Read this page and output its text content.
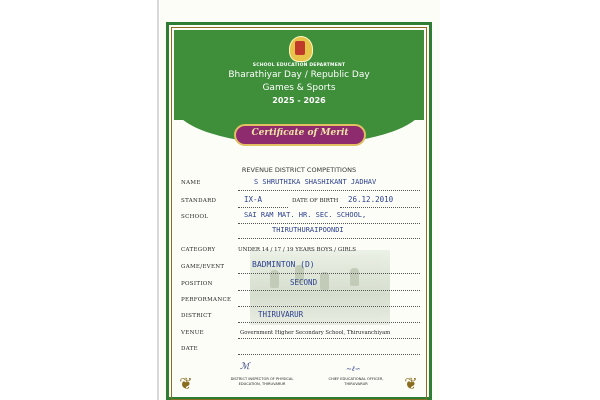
❦	❦
SCHOOL EDUCATION DEPARTMENT
Bharathiyar Day / Republic Day
Games & Sports
2025 - 2026
Certificate of Merit
REVENUE DISTRICT COMPETITIONS
NAME	S SHRUTHIKA SHASHIKANT JADHAV
STANDARD	IX-A	DATE OF BIRTH 26.12.2010
SCHOOL	SAI RAM MAT. HR. SEC. SCHOOL,
THIRUTHURAIPOONDI
CATEGORY	UNDER 14 / 17 / 19 YEARS BOYS / GIRLS
GAME/EVENT	BADMINTON (D)
POSITION	SECOND
PERFORMANCE
DISTRICT	THIRUVARUR
VENUE	Government Higher Secondary School, Thiruvanchiyam
DATE
ℳ	∼ℓ∽
DISTRICT INSPECTOR OF PHYSICAL EDUCATION, THIRUVARUR
CHIEF EDUCATIONAL OFFICER, THIRUVARUR
